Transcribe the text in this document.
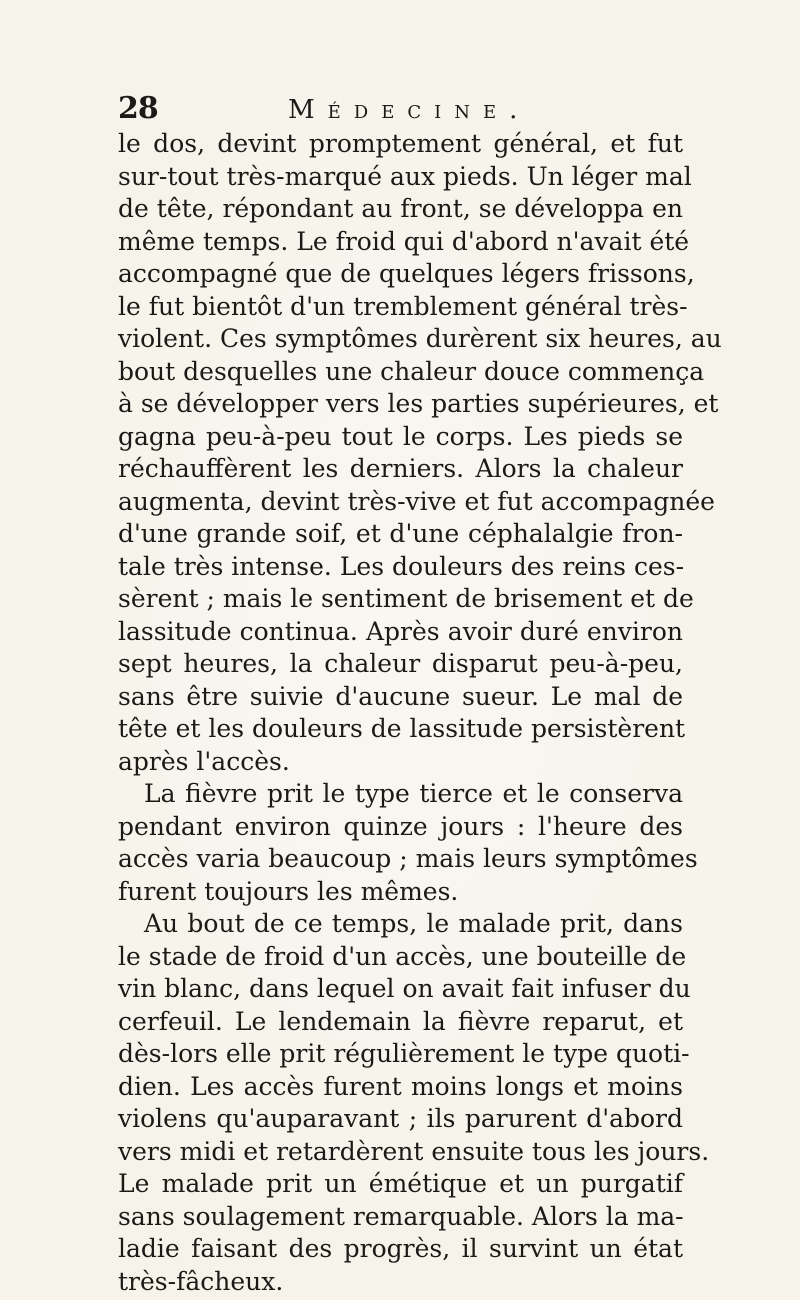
28	Médecine.
le dos, devint promptement général, et fut
sur-tout très-marqué aux pieds. Un léger mal
de tête, répondant au front, se développa en
même temps. Le froid qui d'abord n'avait été
accompagné que de quelques légers frissons,
le fut bientôt d'un tremblement général très-
violent. Ces symptômes durèrent six heures, au
bout desquelles une chaleur douce commença
à se développer vers les parties supérieures, et
gagna peu-à-peu tout le corps. Les pieds se
réchauffèrent les derniers. Alors la chaleur
augmenta, devint très-vive et fut accompagnée
d'une grande soif, et d'une céphalalgie fron-
tale très intense. Les douleurs des reins ces-
sèrent ; mais le sentiment de brisement et de
lassitude continua. Après avoir duré environ
sept heures, la chaleur disparut peu-à-peu,
sans être suivie d'aucune sueur. Le mal de
tête et les douleurs de lassitude persistèrent
après l'accès.
La fièvre prit le type tierce et le conserva
pendant environ quinze jours : l'heure des
accès varia beaucoup ; mais leurs symptômes
furent toujours les mêmes.
Au bout de ce temps, le malade prit, dans
le stade de froid d'un accès, une bouteille de
vin blanc, dans lequel on avait fait infuser du
cerfeuil. Le lendemain la fièvre reparut, et
dès-lors elle prit régulièrement le type quoti-
dien. Les accès furent moins longs et moins
violens qu'auparavant ; ils parurent d'abord
vers midi et retardèrent ensuite tous les jours.
Le malade prit un émétique et un purgatif
sans soulagement remarquable. Alors la ma-
ladie faisant des progrès, il survint un état
très-fâcheux.
